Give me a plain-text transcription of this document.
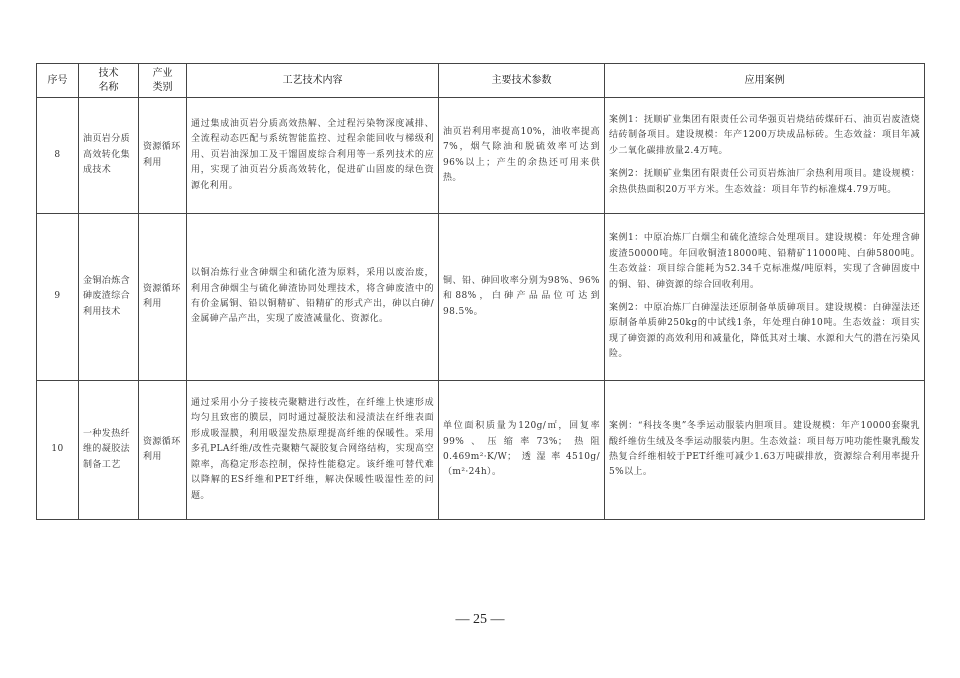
序号	技术名称	产业类别	工艺技术内容	主要技术参数	应用案例
8	油页岩分质高效转化集成技术	资源循环利用	通过集成油页岩分质高效热解、全过程污染物深度减排、全流程动态匹配与系统智能监控、过程余能回收与梯级利用、页岩油深加工及干馏固废综合利用等一系列技术的应用，实现了油页岩分质高效转化，促进矿山固废的绿色资源化利用。	油页岩利用率提高10%，油收率提高7%，烟气除油和脱硫效率可达到96%以上；产生的余热还可用来供热。	案例1：抚顺矿业集团有限责任公司华强页岩烧结砖煤矸石、油页岩废渣烧结砖制备项目。建设规模：年产1200万块成品标砖。生态效益：项目年减少二氧化碳排放量2.4万吨。

案例2：抚顺矿业集团有限责任公司页岩炼油厂余热利用项目。建设规模：余热供热面积20万平方米。生态效益：项目年节约标准煤4.79万吨。

9	金铜冶炼含砷废渣综合利用技术	资源循环利用	以铜冶炼行业含砷烟尘和硫化渣为原料，采用以废治废，利用含砷烟尘与硫化砷渣协同处理技术，将含砷废渣中的有价金属铜、铅以铜精矿、铅精矿的形式产出，砷以白砷/金属砷产品产出，实现了废渣减量化、资源化。	铜、铅、砷回收率分别为98%、96%和88%，白砷产品品位可达到98.5%。	案例1：中原冶炼厂白烟尘和硫化渣综合处理项目。建设规模：年处理含砷废渣50000吨。年回收铜渣18000吨、铅精矿11000吨、白砷5800吨。生态效益：项目综合能耗为52.34千克标准煤/吨原料，实现了含砷固废中的铜、铅、砷资源的综合回收利用。

案例2：中原冶炼厂白砷湿法还原制备单质砷项目。建设规模：白砷湿法还原制备单质砷250kg的中试线1条，年处理白砷10吨。生态效益：项目实现了砷资源的高效利用和减量化，降低其对土壤、水源和大气的潜在污染风险。

10	一种发热纤维的凝胶法制备工艺	资源循环利用	通过采用小分子接枝壳聚糖进行改性，在纤维上快速形成均匀且致密的膜层，同时通过凝胶法和浸渍法在纤维表面形成吸湿膜，利用吸湿发热原理提高纤维的保暖性。采用多孔PLA纤维/改性壳聚糖气凝胶复合网络结构，实现高空隙率，高稳定形态控制，保持性能稳定。该纤维可替代难以降解的ES纤维和PET纤维，解决保暖性吸湿性差的问题。	单位面积质量为120g/㎡，回复率99%、压缩率73%；热阻0.469m²·K/W；透湿率4510g/（m²·24h）。	案例：“科技冬奥”冬季运动服装内胆项目。建设规模：年产10000套聚乳酸纤维仿生绒及冬季运动服装内胆。生态效益：项目每万吨功能性聚乳酸发热复合纤维相较于PET纤维可减少1.63万吨碳排放，资源综合利用率提升5%以上。

— 25 —
